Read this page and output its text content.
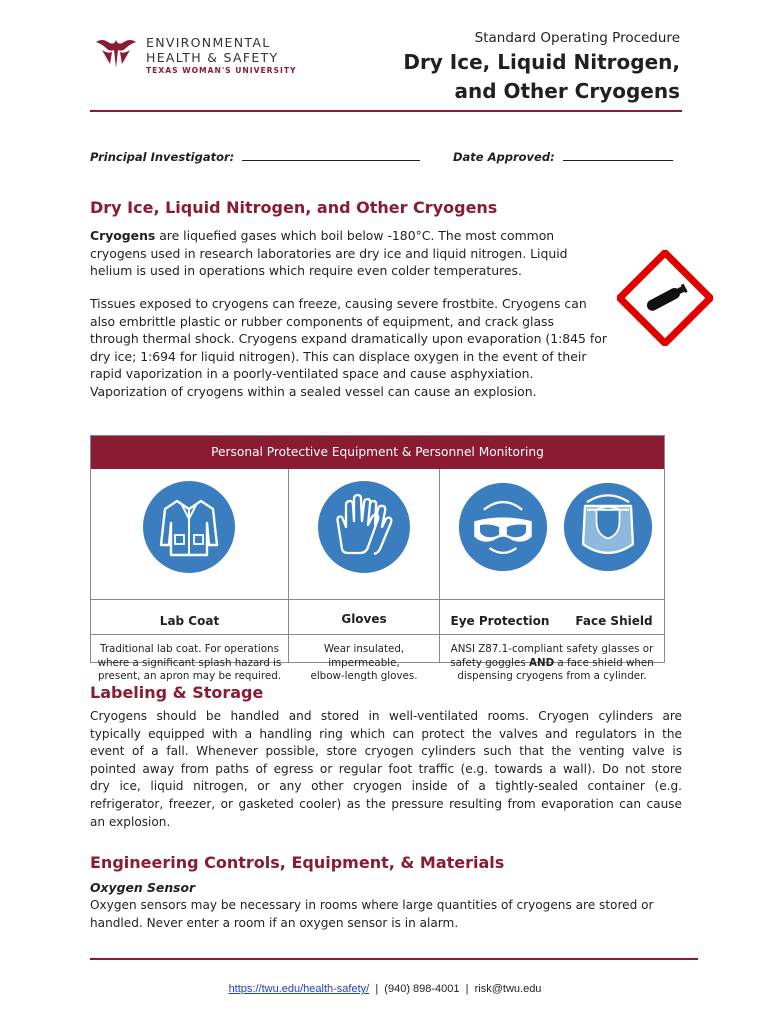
ENVIRONMENTAL
HEALTH & SAFETY
TEXAS WOMAN'S UNIVERSITY
Standard Operating Procedure
Dry Ice, Liquid Nitrogen,
and Other Cryogens
Principal Investigator:	Date Approved:
Dry Ice, Liquid Nitrogen, and Other Cryogens
Cryogens are liquefied gases which boil below -180°C. The most common
cryogens used in research laboratories are dry ice and liquid nitrogen. Liquid
helium is used in operations which require even colder temperatures.
Tissues exposed to cryogens can freeze, causing severe frostbite. Cryogens can
also embrittle plastic or rubber components of equipment, and crack glass
through thermal shock. Cryogens expand dramatically upon evaporation (1:845 for
dry ice; 1:694 for liquid nitrogen). This can displace oxygen in the event of their
rapid vaporization in a poorly-ventilated space and cause asphyxiation.
Vaporization of cryogens within a sealed vessel can cause an explosion.
Personal Protective Equipment & Personnel Monitoring
Lab Coat
Traditional lab coat. For operations
where a significant splash hazard is
present, an apron may be required.
Gloves
Wear insulated,
impermeable,
elbow-length gloves.
Eye Protection	Face Shield
ANSI Z87.1-compliant safety glasses or
safety goggles AND a face shield when
dispensing cryogens from a cylinder.
Labeling & Storage
Cryogens should be handled and stored in well-ventilated rooms. Cryogen cylinders are
typically equipped with a handling ring which can protect the valves and regulators in the
event of a fall. Whenever possible, store cryogen cylinders such that the venting valve is
pointed away from paths of egress or regular foot traffic (e.g. towards a wall). Do not store
dry ice, liquid nitrogen, or any other cryogen inside of a tightly-sealed container (e.g.
refrigerator, freezer, or gasketed cooler) as the pressure resulting from evaporation can cause
an explosion.
Engineering Controls, Equipment, & Materials
Oxygen Sensor
Oxygen sensors may be necessary in rooms where large quantities of cryogens are stored or
handled. Never enter a room if an oxygen sensor is in alarm.
https://twu.edu/health-safety/  |  (940) 898-4001  |  risk@twu.edu
